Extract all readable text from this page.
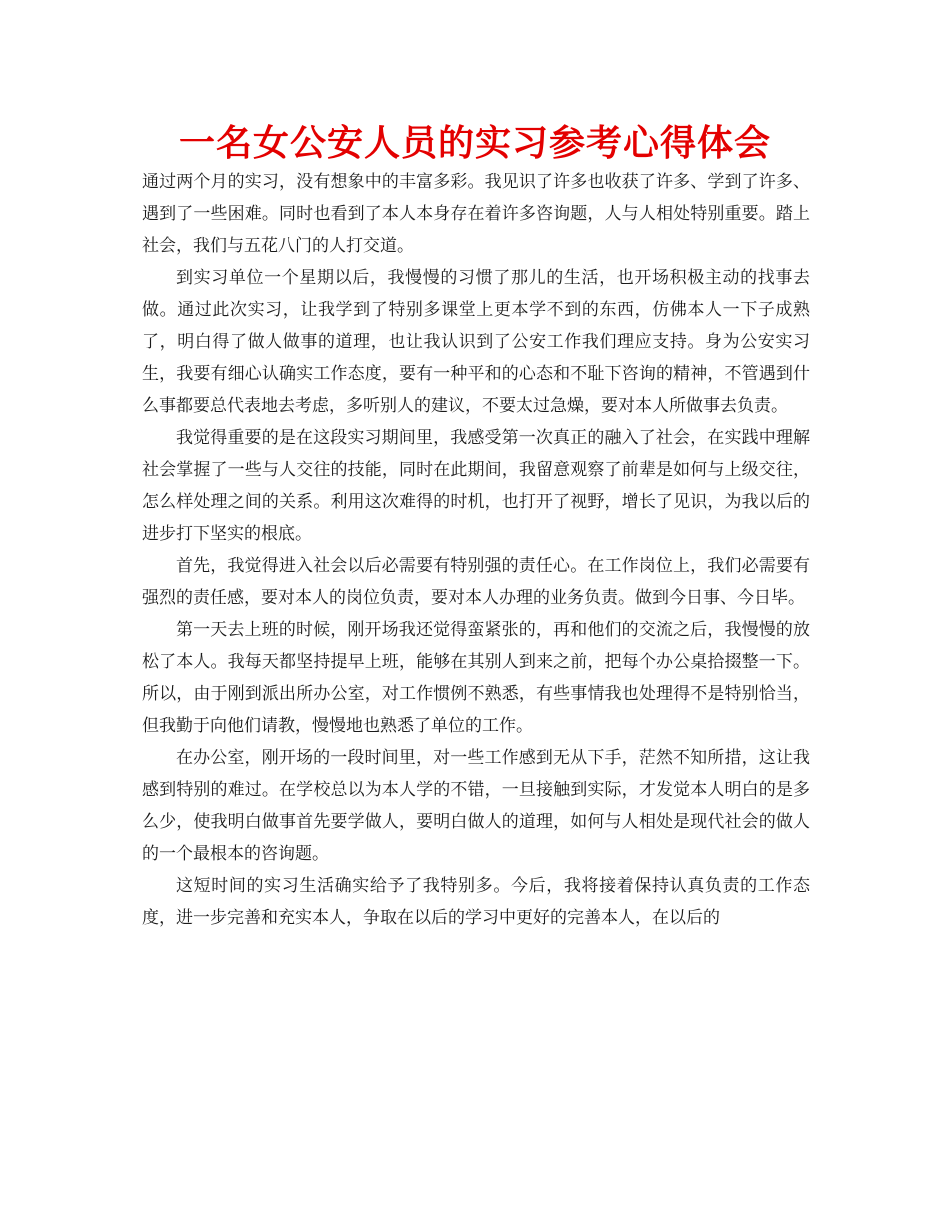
一名女公安人员的实习参考心得体会

通过两个月的实习，没有想象中的丰富多彩。我见识了许多也收获了许多、学到了许多、遇到了一些困难。同时也看到了本人本身存在着许多咨询题，人与人相处特别重要。踏上社会，我们与五花八门的人打交道。

到实习单位一个星期以后，我慢慢的习惯了那儿的生活，也开场积极主动的找事去做。通过此次实习，让我学到了特别多课堂上更本学不到的东西，仿佛本人一下子成熟了，明白得了做人做事的道理，也让我认识到了公安工作我们理应支持。身为公安实习生，我要有细心认确实工作态度，要有一种平和的心态和不耻下咨询的精神，不管遇到什么事都要总代表地去考虑，多听别人的建议，不要太过急燥，要对本人所做事去负责。

我觉得重要的是在这段实习期间里，我感受第一次真正的融入了社会，在实践中理解社会掌握了一些与人交往的技能，同时在此期间，我留意观察了前辈是如何与上级交往，怎么样处理之间的关系。利用这次难得的时机，也打开了视野，增长了见识，为我以后的进步打下坚实的根底。

首先，我觉得进入社会以后必需要有特别强的责任心。在工作岗位上，我们必需要有强烈的责任感，要对本人的岗位负责，要对本人办理的业务负责。做到今日事、今日毕。

第一天去上班的时候，刚开场我还觉得蛮紧张的，再和他们的交流之后，我慢慢的放松了本人。我每天都坚持提早上班，能够在其别人到来之前，把每个办公桌拾掇整一下。所以，由于刚到派出所办公室，对工作惯例不熟悉，有些事情我也处理得不是特别恰当，但我勤于向他们请教，慢慢地也熟悉了单位的工作。

在办公室，刚开场的一段时间里，对一些工作感到无从下手，茫然不知所措，这让我感到特别的难过。在学校总以为本人学的不错，一旦接触到实际，才发觉本人明白的是多么少，使我明白做事首先要学做人，要明白做人的道理，如何与人相处是现代社会的做人的一个最根本的咨询题。

这短时间的实习生活确实给予了我特别多。今后，我将接着保持认真负责的工作态度，进一步完善和充实本人，争取在以后的学习中更好的完善本人，在以后的
